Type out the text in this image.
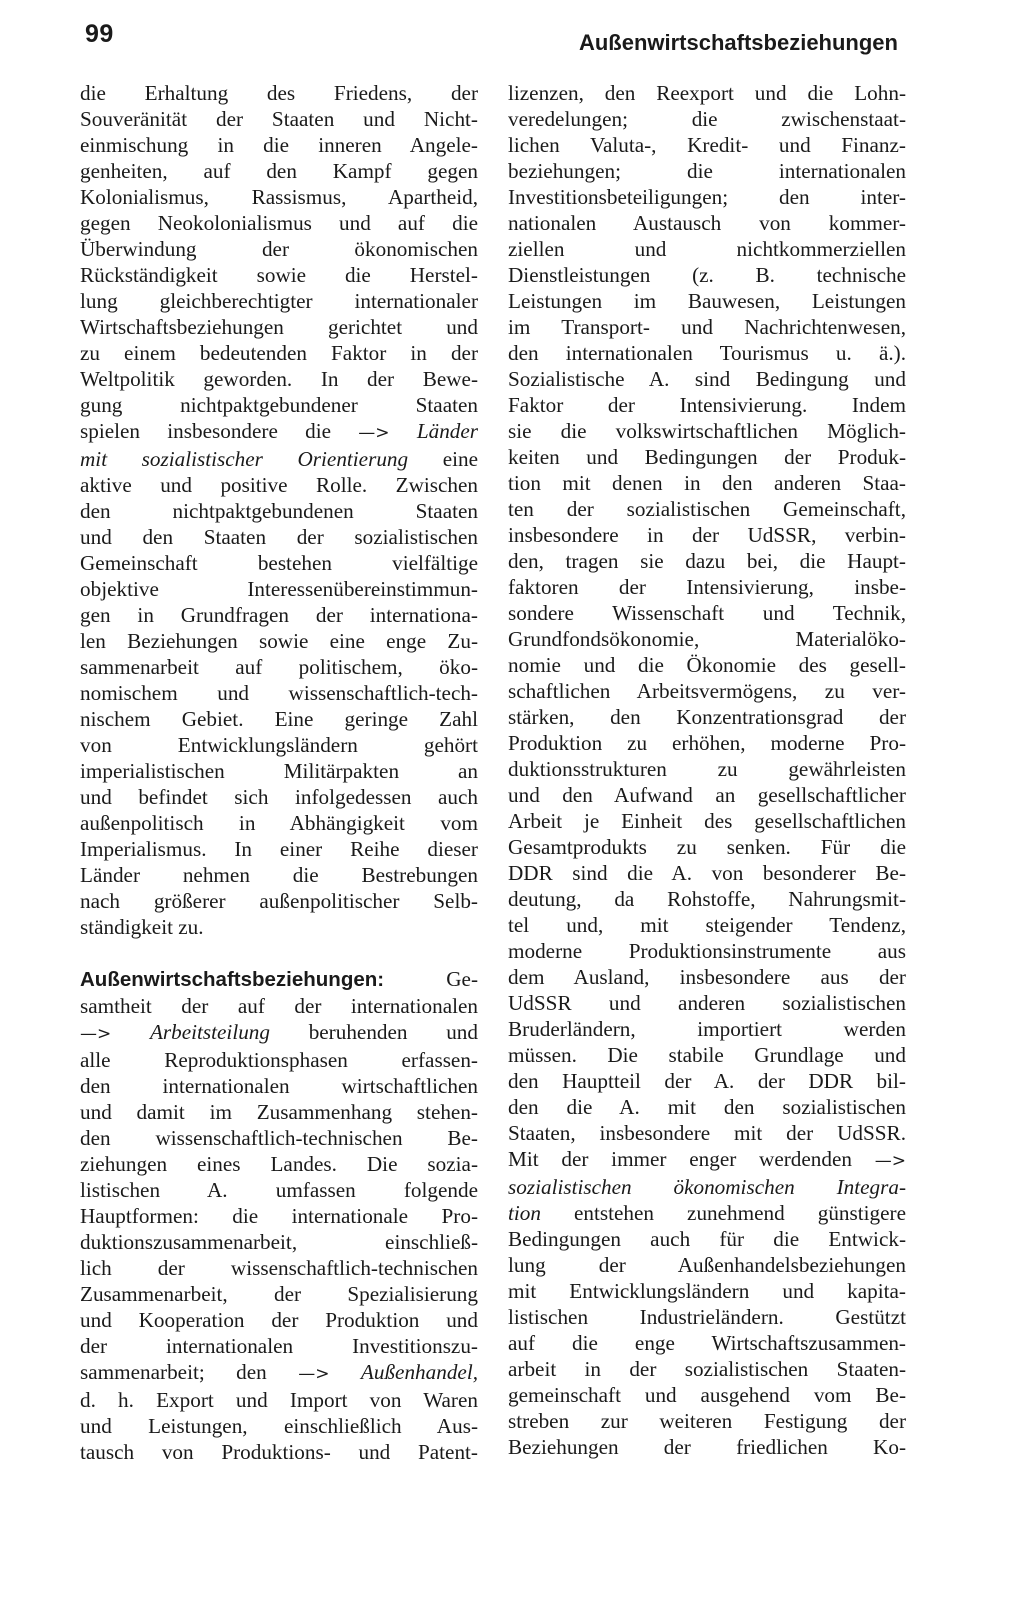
99	Außenwirtschaftsbeziehungen

die Erhaltung des Friedens, der
Souveränität der Staaten und Nicht-
einmischung in die inneren Angele-
genheiten, auf den Kampf gegen
Kolonialismus, Rassismus, Apartheid,
gegen Neokolonialismus und auf die
Überwindung der ökonomischen
Rückständigkeit sowie die Herstel-
lung gleichberechtigter internationaler
Wirtschaftsbeziehungen gerichtet und
zu einem bedeutenden Faktor in der
Weltpolitik geworden. In der Bewe-
gung nichtpaktgebundener Staaten
spielen insbesondere die —> Länder
mit sozialistischer Orientierung eine
aktive und positive Rolle. Zwischen
den nichtpaktgebundenen Staaten
und den Staaten der sozialistischen
Gemeinschaft bestehen vielfältige
objektive Interessenübereinstimmun-
gen in Grundfragen der internationa-
len Beziehungen sowie eine enge Zu-
sammenarbeit auf politischem, öko-
nomischem und wissenschaftlich-tech-
nischem Gebiet. Eine geringe Zahl
von Entwicklungsländern gehört
imperialistischen Militärpakten an
und befindet sich infolgedessen auch
außenpolitisch in Abhängigkeit vom
Imperialismus. In einer Reihe dieser
Länder nehmen die Bestrebungen
nach größerer außenpolitischer Selb-
ständigkeit zu.

Außenwirtschaftsbeziehungen:	Ge-
samtheit der auf der internationalen
—> Arbeitsteilung beruhenden und
alle Reproduktionsphasen erfassen-
den internationalen wirtschaftlichen
und damit im Zusammenhang stehen-
den wissenschaftlich-technischen Be-
ziehungen eines Landes. Die sozia-
listischen A. umfassen folgende
Hauptformen: die internationale Pro-
duktionszusammenarbeit, einschließ-
lich der wissenschaftlich-technischen
Zusammenarbeit, der Spezialisierung
und Kooperation der Produktion und
der internationalen Investitionszu-
sammenarbeit; den —> Außenhandel,
d. h. Export und Import von Waren
und Leistungen, einschließlich Aus-
tausch von Produktions- und Patent-

lizenzen, den Reexport und die Lohn-
veredelungen; die zwischenstaat-
lichen Valuta-, Kredit- und Finanz-
beziehungen; die internationalen
Investitionsbeteiligungen; den inter-
nationalen Austausch von kommer-
ziellen und nichtkommerziellen
Dienstleistungen (z. B. technische
Leistungen im Bauwesen, Leistungen
im Transport- und Nachrichtenwesen,
den internationalen Tourismus u. ä.).
Sozialistische A. sind Bedingung und
Faktor der Intensivierung. Indem
sie die volkswirtschaftlichen Möglich-
keiten und Bedingungen der Produk-
tion mit denen in den anderen Staa-
ten der sozialistischen Gemeinschaft,
insbesondere in der UdSSR, verbin-
den, tragen sie dazu bei, die Haupt-
faktoren der Intensivierung, insbe-
sondere Wissenschaft und Technik,
Grundfondsökonomie, Materialöko-
nomie und die Ökonomie des gesell-
schaftlichen Arbeitsvermögens, zu ver-
stärken, den Konzentrationsgrad der
Produktion zu erhöhen, moderne Pro-
duktionsstrukturen zu gewährleisten
und den Aufwand an gesellschaftlicher
Arbeit je Einheit des gesellschaftlichen
Gesamtprodukts zu senken. Für die
DDR sind die A. von besonderer Be-
deutung, da Rohstoffe, Nahrungsmit-
tel und, mit steigender Tendenz,
moderne Produktionsinstrumente aus
dem Ausland, insbesondere aus der
UdSSR und anderen sozialistischen
Bruderländern, importiert werden
müssen. Die stabile Grundlage und
den Hauptteil der A. der DDR bil-
den die A. mit den sozialistischen
Staaten, insbesondere mit der UdSSR.
Mit der immer enger werdenden —>
sozialistischen ökonomischen Integra-
tion entstehen zunehmend günstigere
Bedingungen auch für die Entwick-
lung der Außenhandelsbeziehungen
mit Entwicklungsländern und kapita-
listischen Industrieländern. Gestützt
auf die enge Wirtschaftszusammen-
arbeit in der sozialistischen Staaten-
gemeinschaft und ausgehend vom Be-
streben zur weiteren Festigung der
Beziehungen der friedlichen Ko-
